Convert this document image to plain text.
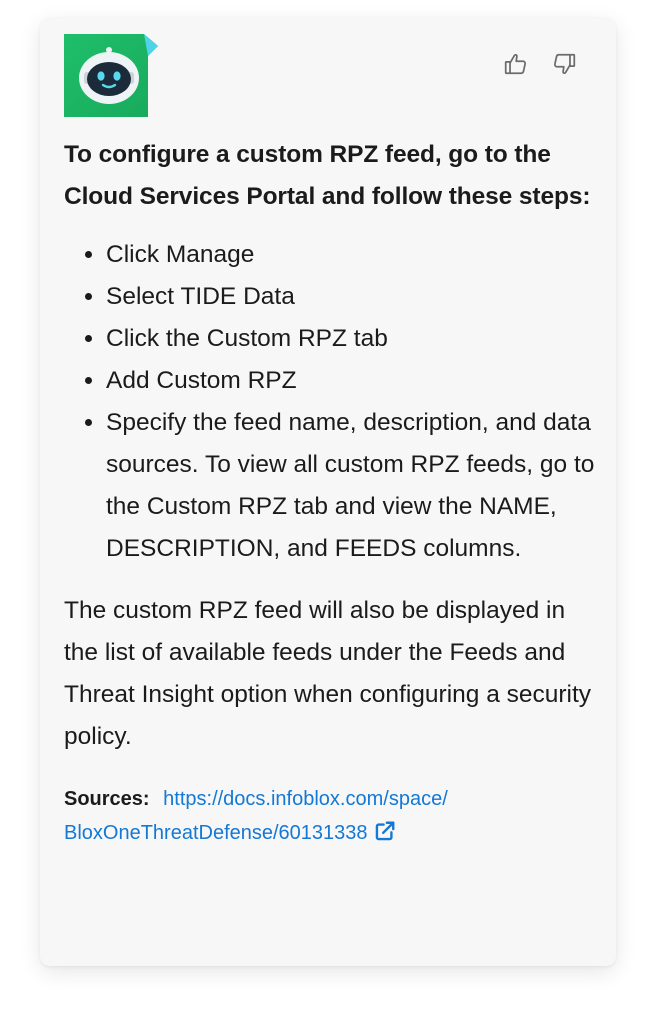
To configure a custom RPZ feed, go to the Cloud Services Portal and follow these steps:

• Click Manage
• Select TIDE Data
• Click the Custom RPZ tab
• Add Custom RPZ
• Specify the feed name, description, and data sources. To view all custom RPZ feeds, go to the Custom RPZ tab and view the NAME, DESCRIPTION, and FEEDS columns.

The custom RPZ feed will also be displayed in the list of available feeds under the Feeds and Threat Insight option when configuring a security policy.

Sources: https://docs.infoblox.com/space/
BloxOneThreatDefense/60131338
